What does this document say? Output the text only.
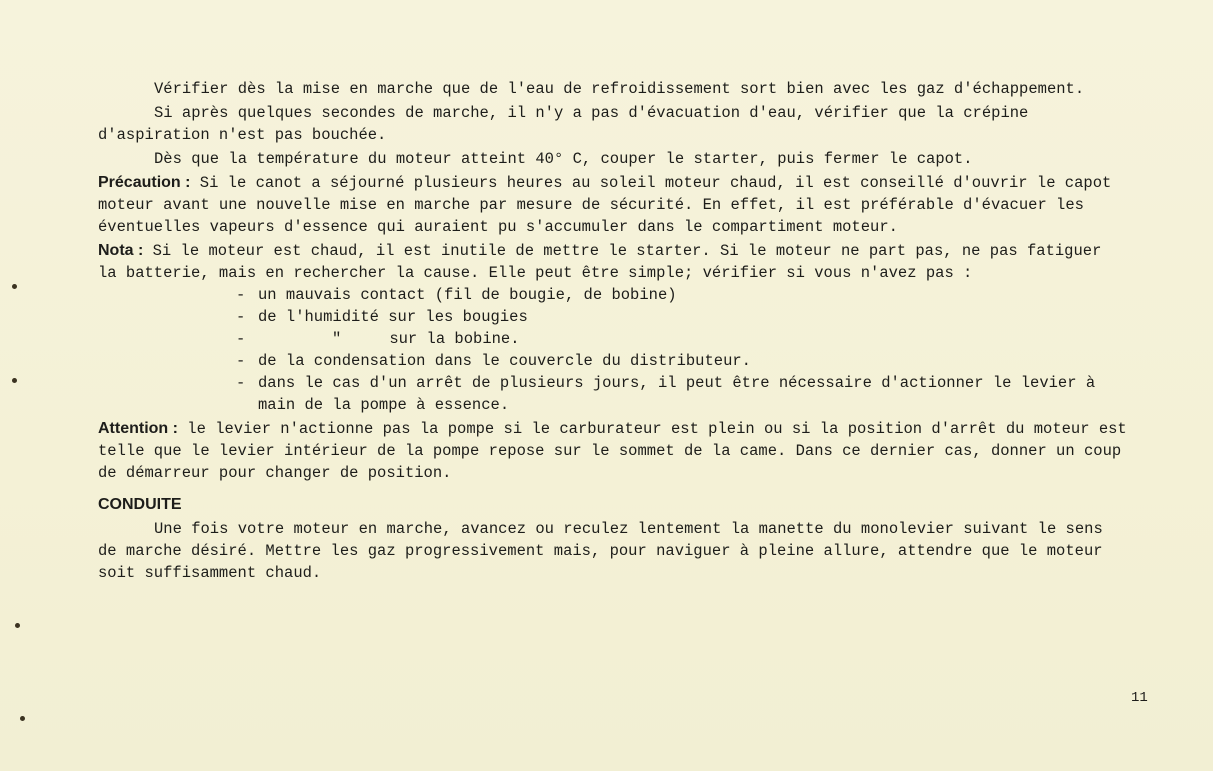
Vérifier dès la mise en marche que de l'eau de refroidissement sort bien avec les gaz d'échappement.

Si après quelques secondes de marche, il n'y a pas d'évacuation d'eau, vérifier que la crépine d'aspiration n'est pas bouchée.

Dès que la température du moteur atteint 40° C, couper le starter, puis fermer le capot.

Précaution : Si le canot a séjourné plusieurs heures au soleil moteur chaud, il est conseillé d'ouvrir le capot moteur avant une nouvelle mise en marche par mesure de sécurité. En effet, il est préférable d'évacuer les éventuelles vapeurs d'essence qui auraient pu s'accumuler dans le compartiment moteur.

Nota : Si le moteur est chaud, il est inutile de mettre le starter. Si le moteur ne part pas, ne pas fatiguer la batterie, mais en rechercher la cause. Elle peut être simple; vérifier si vous n'avez pas :

- un mauvais contact (fil de bougie, de bobine)
- de l'humidité sur les bougies
-	"	sur la bobine.
- de la condensation dans le couvercle du distributeur.
- dans le cas d'un arrêt de plusieurs jours, il peut être nécessaire d'actionner le levier à main de la pompe à essence.

Attention : le levier n'actionne pas la pompe si le carburateur est plein ou si la position d'arrêt du moteur est telle que le levier intérieur de la pompe repose sur le sommet de la came. Dans ce dernier cas, donner un coup de démarreur pour changer de position.

CONDUITE

Une fois votre moteur en marche, avancez ou reculez lentement la manette du monolevier suivant le sens de marche désiré. Mettre les gaz progressivement mais, pour naviguer à pleine allure, attendre que le moteur soit suffisamment chaud.

11
